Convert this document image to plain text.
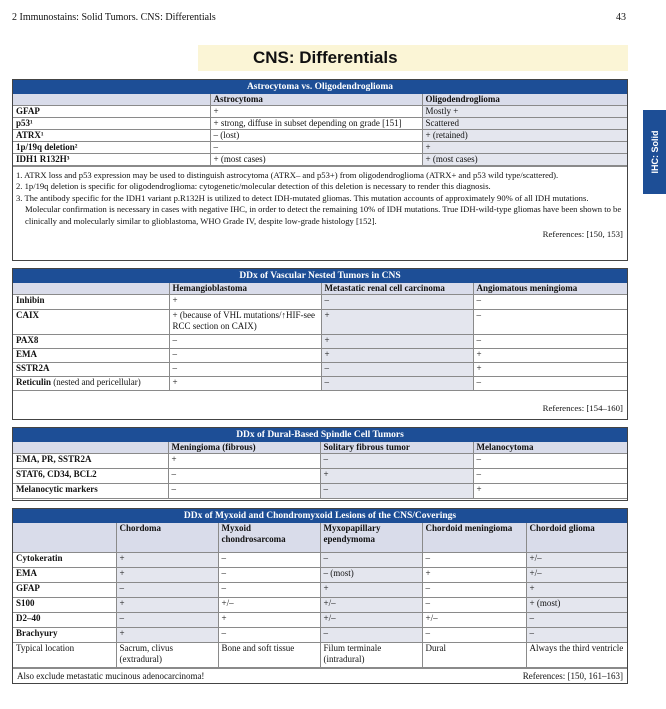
2 Immunostains: Solid Tumors. CNS: Differentials	43
CNS: Differentials
IHC: Solid
Astrocytoma vs. Oligodendroglioma
	Astrocytoma	Oligodendroglioma
GFAP	+	Mostly +
p53¹	+ strong, diffuse in subset depending on grade [151]	Scattered
ATRX¹	– (lost)	+ (retained)
1p/19q deletion²	–	+
IDH1 R132H³	+ (most cases)	+ (most cases)
1. ATRX loss and p53 expression may be used to distinguish astrocytoma (ATRX– and p53+) from oligodendroglioma (ATRX+ and p53 wild type/scattered).
2. 1p/19q deletion is specific for oligodendroglioma: cytogenetic/molecular detection of this deletion is necessary to render this diagnosis.
3. The antibody specific for the IDH1 variant p.R132H is utilized to detect IDH-mutated gliomas. This mutation accounts of approximately 90% of all IDH mutations. Molecular confirmation is necessary in cases with negative IHC, in order to detect the remaining 10% of IDH mutations. True IDH-wild-type gliomas have been shown to be clinically and molecularly similar to glioblastoma, WHO Grade IV, despite low-grade histology [152].
References: [150, 153]
DDx of Vascular Nested Tumors in CNS
	Hemangioblastoma	Metastatic renal cell carcinoma	Angiomatous meningioma
Inhibin	+	–	–
CAIX	+ (because of VHL mutations/↑HIF-see RCC section on CAIX)	+	–
PAX8	–	+	–
EMA	–	+	+
SSTR2A	–	–	+
Reticulin (nested and pericellular)	+	–	–
References: [154–160]
DDx of Dural-Based Spindle Cell Tumors
	Meningioma (fibrous)	Solitary fibrous tumor	Melanocytoma
EMA, PR, SSTR2A	+	–	–
STAT6, CD34, BCL2	–	+	–
Melanocytic markers	–	–	+
DDx of Myxoid and Chondromyxoid Lesions of the CNS/Coverings
	Chordoma	Myxoid chondrosarcoma	Myxopapillary ependymoma	Chordoid meningioma	Chordoid glioma
Cytokeratin	+	–	–	–	+/–
EMA	+	–	– (most)	+	+/–
GFAP	–	–	+	–	+
S100	+	+/–	+/–	–	+ (most)
D2–40	–	+	+/–	+/–	–
Brachyury	+	–	–	–	–
Typical location	Sacrum, clivus (extradural)	Bone and soft tissue	Filum terminale (intradural)	Dural	Always the third ventricle
Also exclude metastatic mucinous adenocarcinoma!	References: [150, 161–163]
